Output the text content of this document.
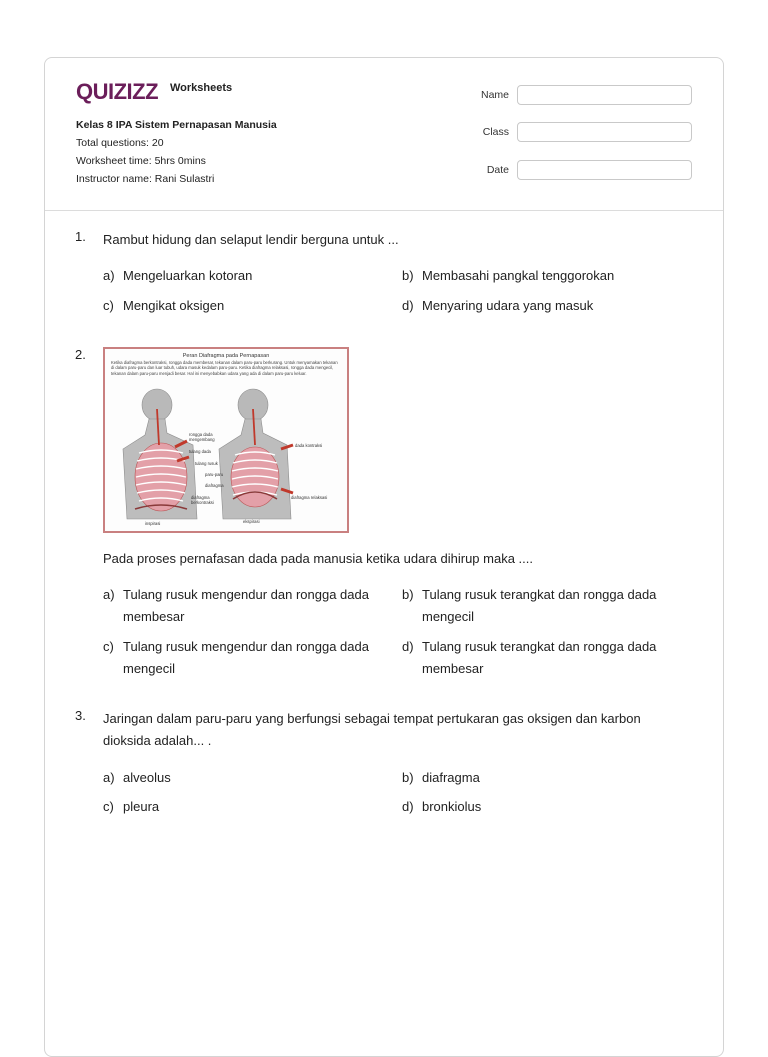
QUIZIZZ Worksheets
Kelas 8 IPA Sistem Pernapasan Manusia
Total questions: 20
Worksheet time: 5hrs 0mins
Instructor name: Rani Sulastri
Name
Class
Date
1.	Rambut hidung dan selaput lendir berguna untuk ...
a) Mengeluarkan kotoran	b) Membasahi pangkal tenggorokan
c) Mengikat oksigen	d) Menyaring udara yang masuk
2.	Peran Diafragma pada Pernapasan
Ketika diafragma berkontraksi, rongga dada membesar, tekanan dalam paru-paru berkurang. Untuk menyamakan tekanan di dalam paru-paru dan luar tubuh, udara masuk kedalam paru-paru. Ketika diafragma relaksasi, rongga dada mengecil, tekanan dalam paru-paru menjadi besar. Hal ini menyebabkan udara yang ada di dalam paru-paru keluar.
rongga dada
mengembang
tulang dada
tulang rusuk
paru-paru
diafragma
diafragma
berkontraksi
inspirasi	ekspirasi
dada kontraksi
diafragma relaksasi
Pada proses pernafasan dada pada manusia ketika udara dihirup maka ....
a) Tulang rusuk mengendur dan rongga dada membesar
b) Tulang rusuk terangkat dan rongga dada mengecil
c) Tulang rusuk mengendur dan rongga dada mengecil
d) Tulang rusuk terangkat dan rongga dada membesar
3.	Jaringan dalam paru-paru yang berfungsi sebagai tempat pertukaran gas oksigen dan karbon dioksida adalah... .
a) alveolus	b) diafragma
c) pleura	d) bronkiolus
